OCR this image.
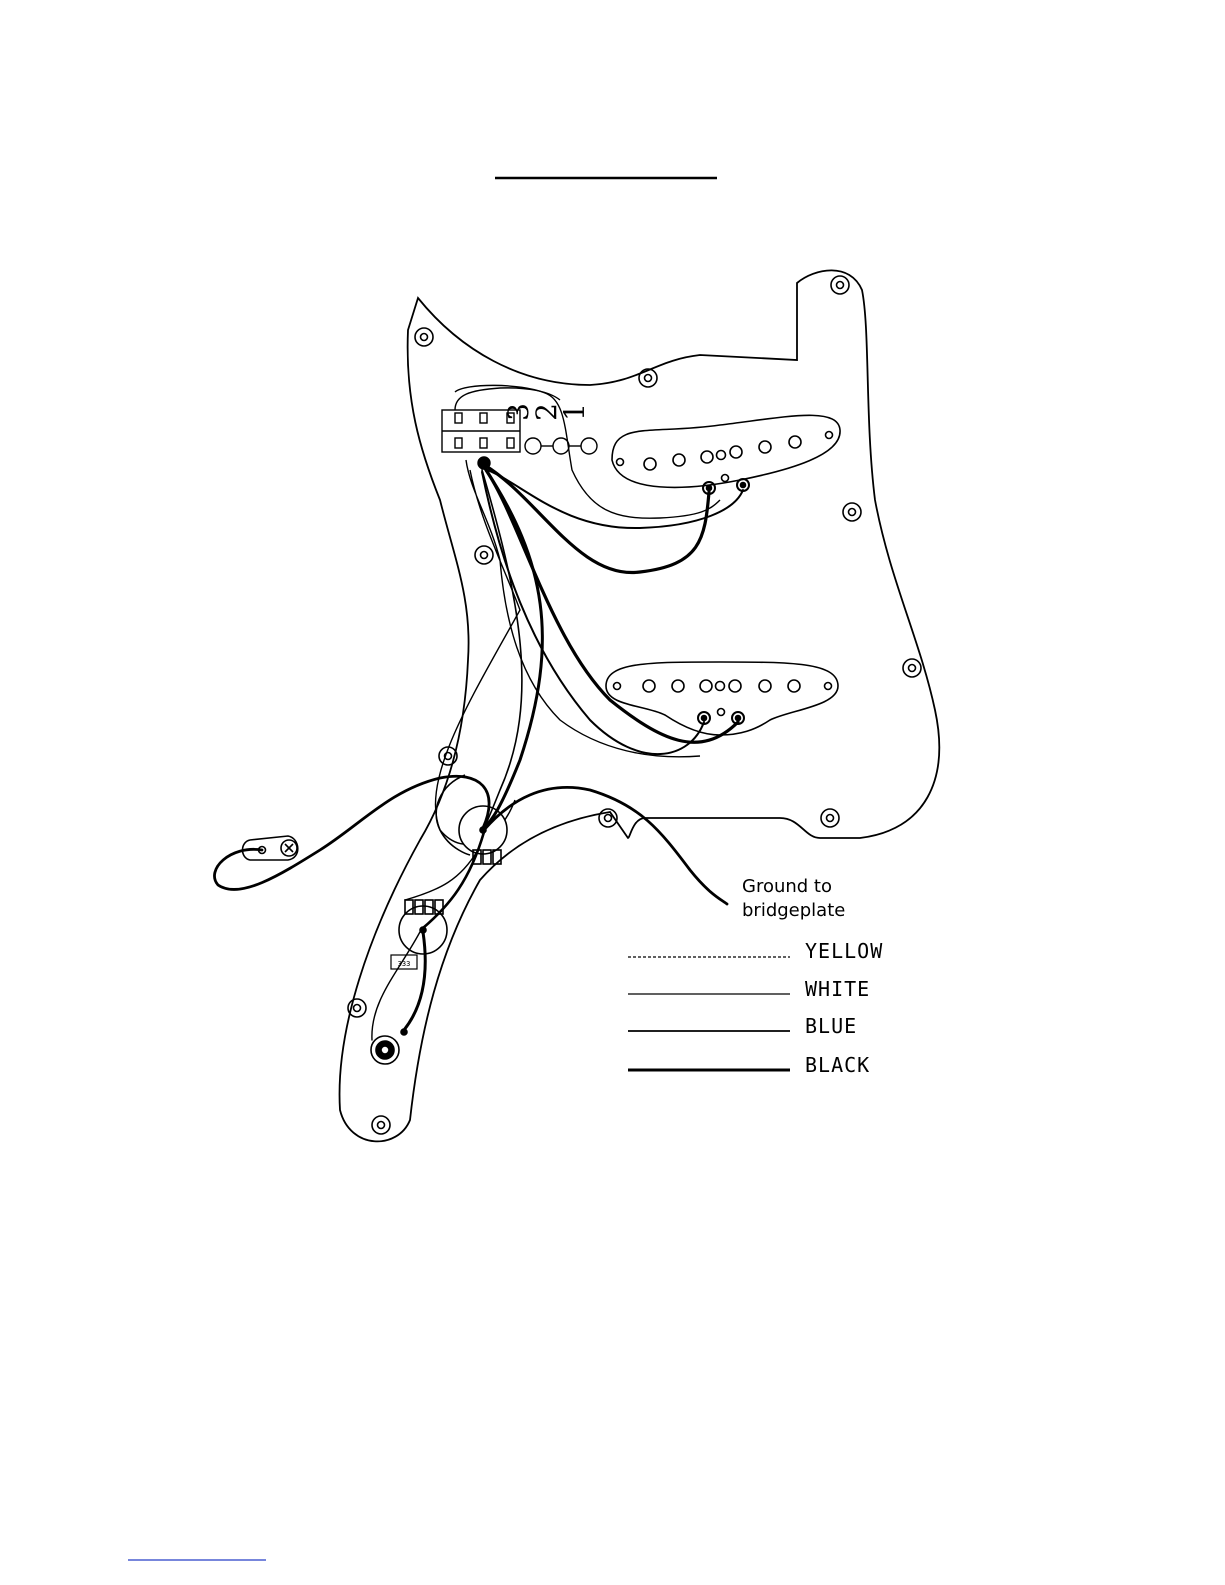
3
2
1
333
Ground to
bridgeplate
YELLOW
WHITE
BLUE
BLACK
